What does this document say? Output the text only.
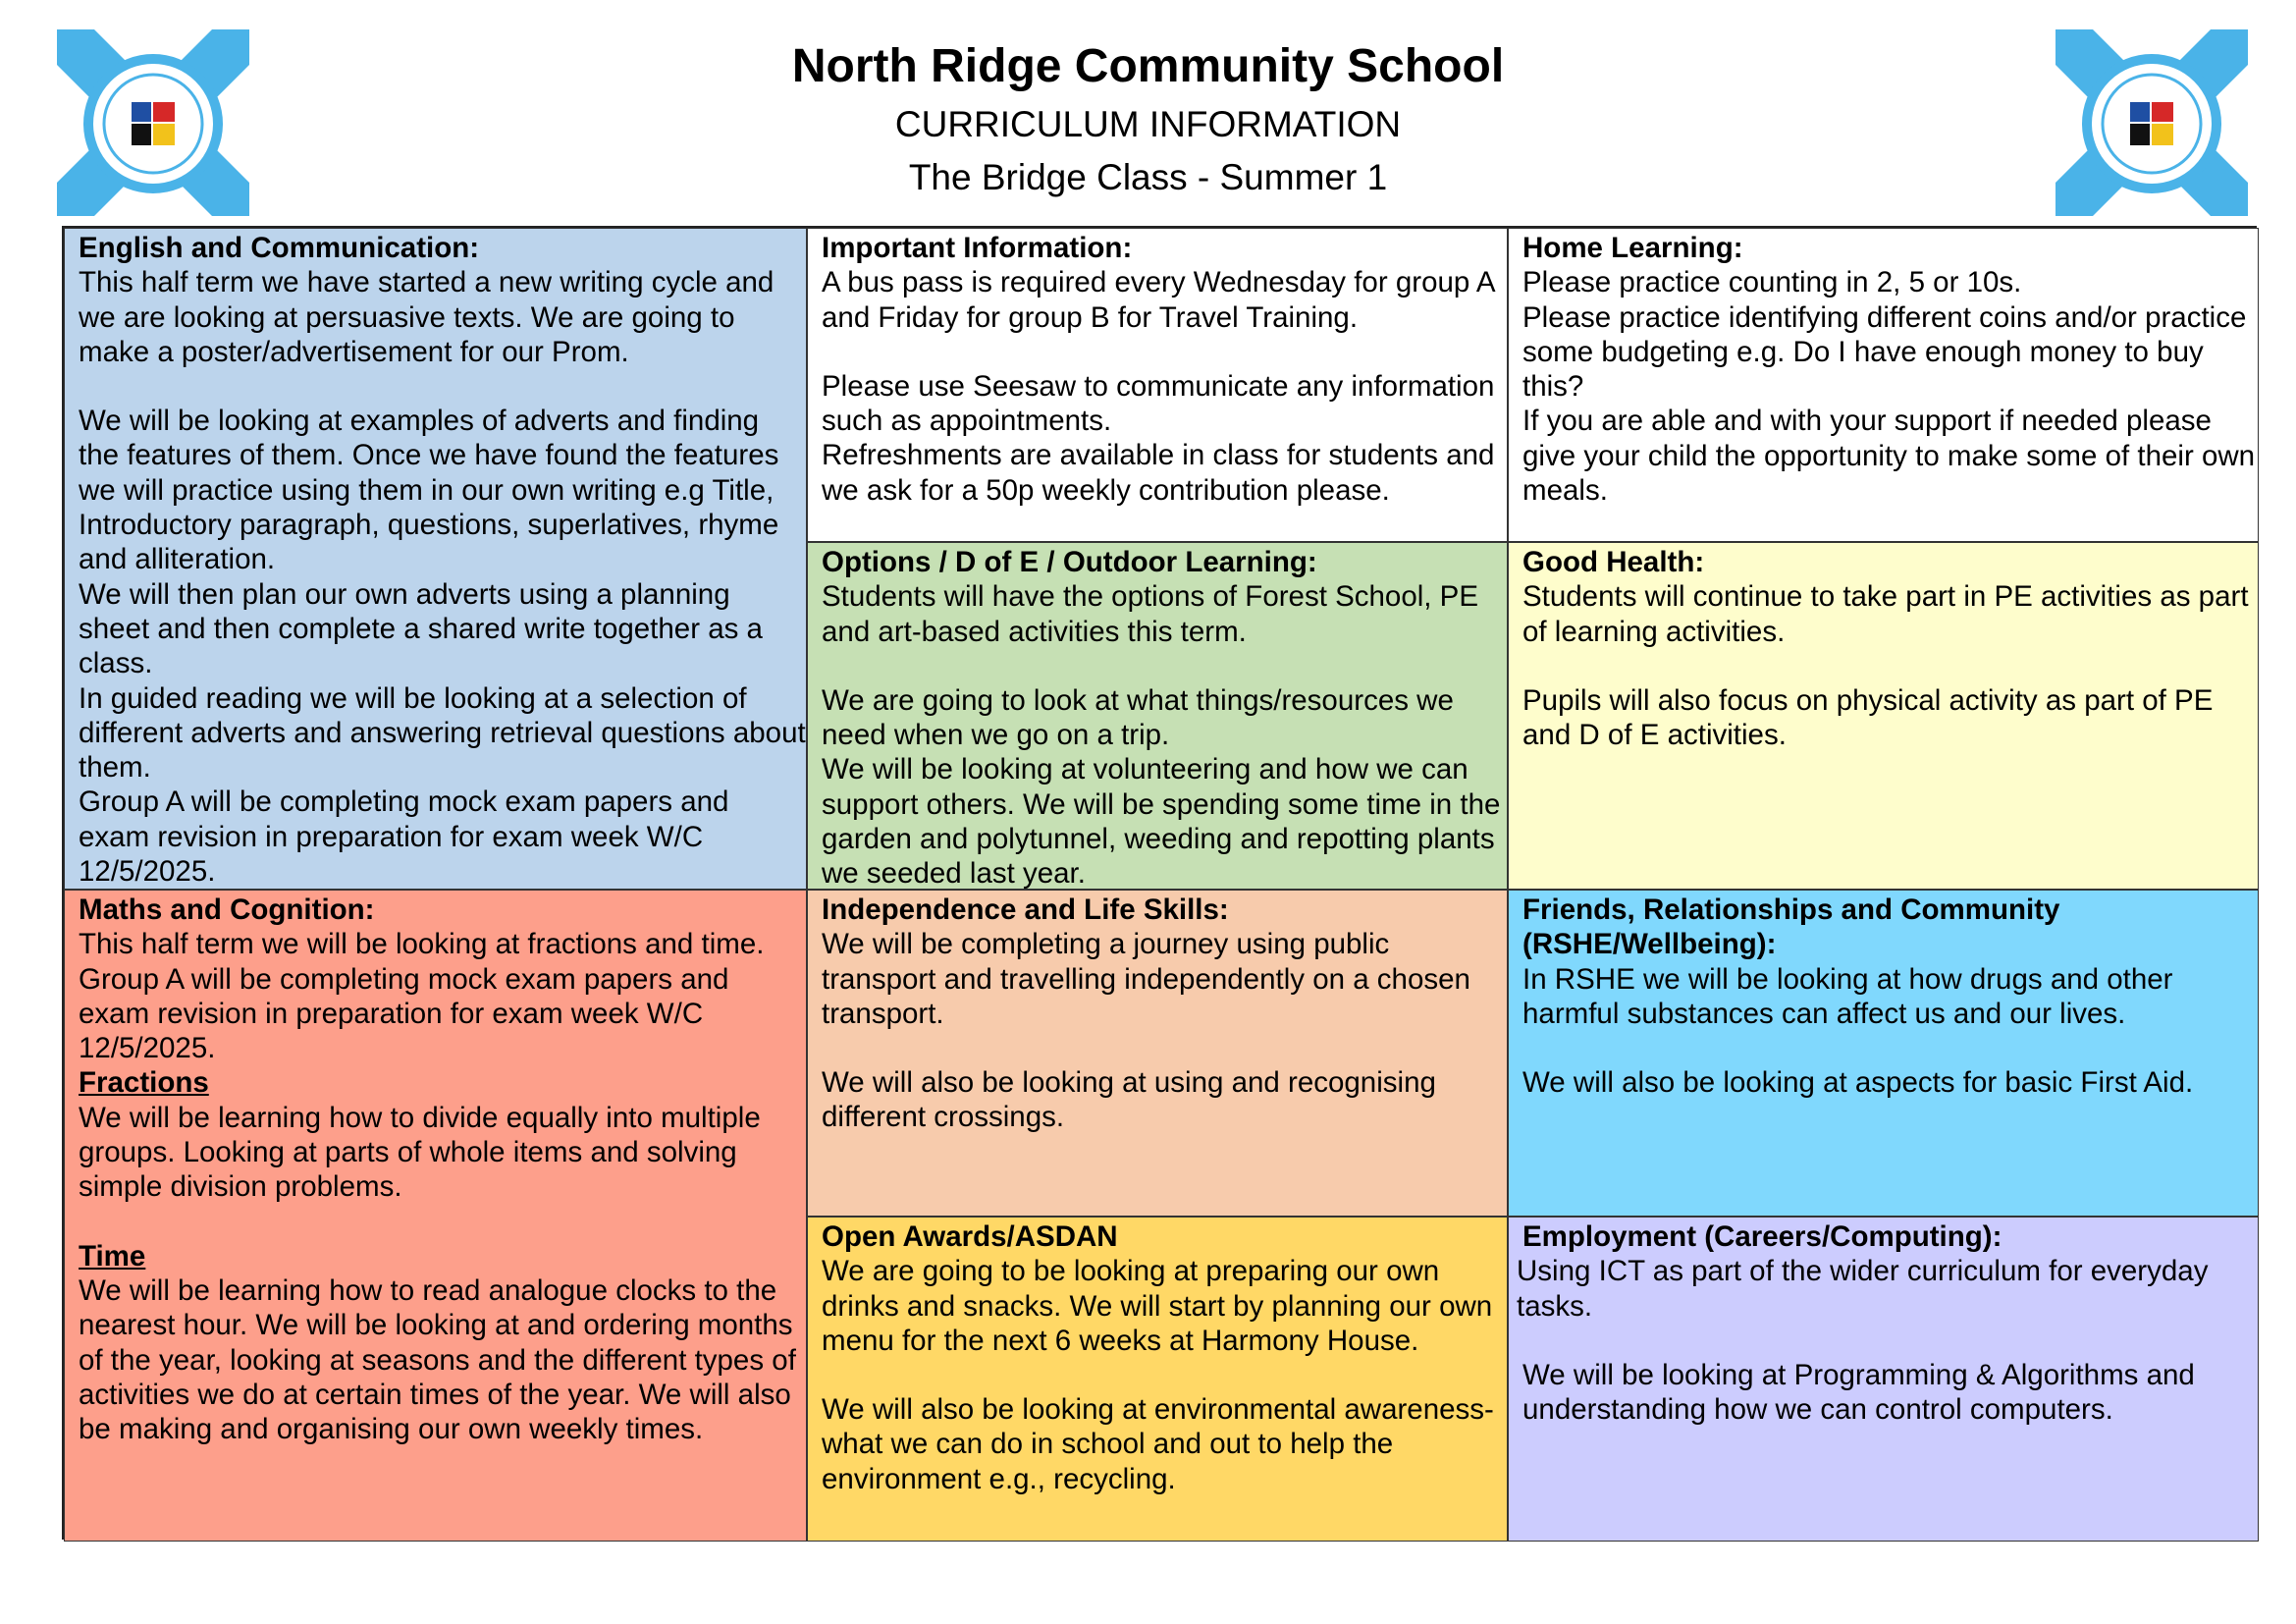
North Ridge Community School
CURRICULUM INFORMATION
The Bridge Class - Summer 1

English and Communication:

This half term we have started a new writing cycle and we are looking at persuasive texts. We are going to make a poster/advertisement for our Prom.

We will be looking at examples of adverts and finding the features of them. Once we have found the features we will practice using them in our own writing e.g Title, Introductory paragraph, questions, superlatives, rhyme and alliteration.
We will then plan our own adverts using a planning sheet and then complete a shared write together as a class.
In guided reading we will be looking at a selection of different adverts and answering retrieval questions about them.
Group A will be completing mock exam papers and exam revision in preparation for exam week W/C 12/5/2025.

Important Information:

A bus pass is required every Wednesday for group A and Friday for group B for Travel Training.

Please use Seesaw to communicate any information such as appointments.
Refreshments are available in class for students and we ask for a 50p weekly contribution please.

Home Learning:

Please practice counting in 2, 5 or 10s.
Please practice identifying different coins and/or practice some budgeting e.g. Do I have enough money to buy this?
If you are able and with your support if needed please give your child the opportunity to make some of their own meals.

Options / D of E / Outdoor Learning:

Students will have the options of Forest School, PE and art-based activities this term.

We are going to look at what things/resources we need when we go on a trip.
We will be looking at volunteering and how we can support others. We will be spending some time in the garden and polytunnel, weeding and repotting plants we seeded last year.

Good Health:

Students will continue to take part in PE activities as part of learning activities.

Pupils will also focus on physical activity as part of PE and D of E activities.

Maths and Cognition:

This half term we will be looking at fractions and time.
Group A will be completing mock exam papers and exam revision in preparation for exam week W/C 12/5/2025.

Fractions

We will be learning how to divide equally into multiple groups. Looking at parts of whole items and solving simple division problems.

Time

We will be learning how to read analogue clocks to the nearest hour. We will be looking at and ordering months of the year, looking at seasons and the different types of activities we do at certain times of the year. We will also be making and organising our own weekly times.

Independence and Life Skills:

We will be completing a journey using public transport and travelling independently on a chosen transport.

We will also be looking at using and recognising different crossings.

Friends, Relationships and Community (RSHE/Wellbeing):

In RSHE we will be looking at how drugs and other harmful substances can affect us and our lives.

We will also be looking at aspects for basic First Aid.

Open Awards/ASDAN

We are going to be looking at preparing our own drinks and snacks. We will start by planning our own menu for the next 6 weeks at Harmony House.

We will also be looking at environmental awareness- what we can do in school and out to help the environment e.g., recycling.

Employment (Careers/Computing):

Using ICT as part of the wider curriculum for everyday tasks.

We will be looking at Programming & Algorithms and understanding how we can control computers.
